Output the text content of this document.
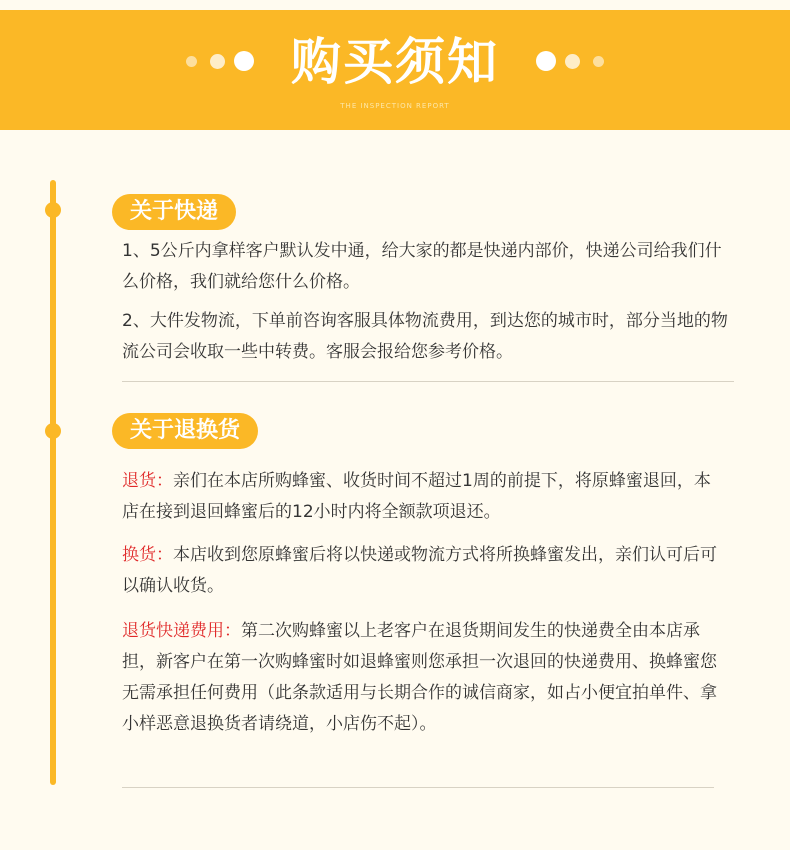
购买须知
THE INSPECTION REPORT
关于快递
1、5公斤内拿样客户默认发中通，给大家的都是快递内部价，快递公司给我们什么价格，我们就给您什么价格。
2、大件发物流，下单前咨询客服具体物流费用，到达您的城市时，部分当地的物流公司会收取一些中转费。客服会报给您参考价格。
关于退换货
退货：亲们在本店所购蜂蜜、收货时间不超过1周的前提下，将原蜂蜜退回，本店在接到退回蜂蜜后的12小时内将全额款项退还。
换货：本店收到您原蜂蜜后将以快递或物流方式将所换蜂蜜发出，亲们认可后可以确认收货。
退货快递费用：第二次购蜂蜜以上老客户在退货期间发生的快递费全由本店承担，新客户在第一次购蜂蜜时如退蜂蜜则您承担一次退回的快递费用、换蜂蜜您无需承担任何费用（此条款适用与长期合作的诚信商家，如占小便宜拍单件、拿小样恶意退换货者请绕道，小店伤不起）。
